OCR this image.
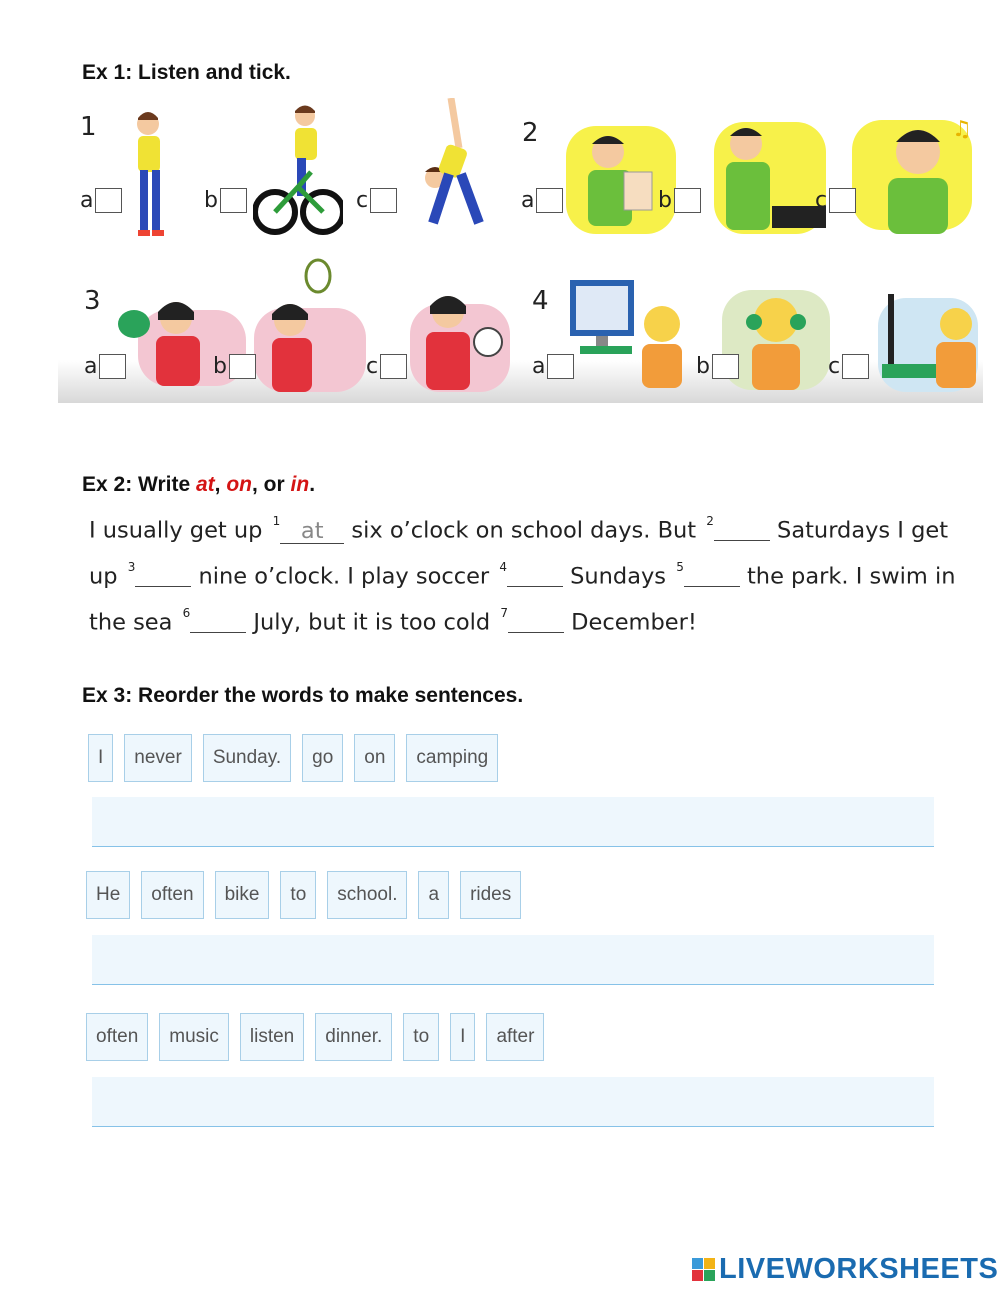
Ex 1: Listen and tick.
1
a	b	c
2
a	b
♫
c
3
a	b	c
4
a	b	c
Ex 2: Write at, on, or in.
I usually get up $^1$ at six o’clock on school days. But $^2$ Saturdays I get up $^3$ nine o’clock. I play soccer $^4$ Sundays $^5$ the park. I swim in the sea $^6$ July, but it is too cold $^7$ December!
Ex 3: Reorder the words to make sentences.
I	never	Sunday.	go	on	camping
He	often	bike	to	school.	a	rides
often	music	listen	dinner.	to	I	after
LIVEWORKSHEETS
